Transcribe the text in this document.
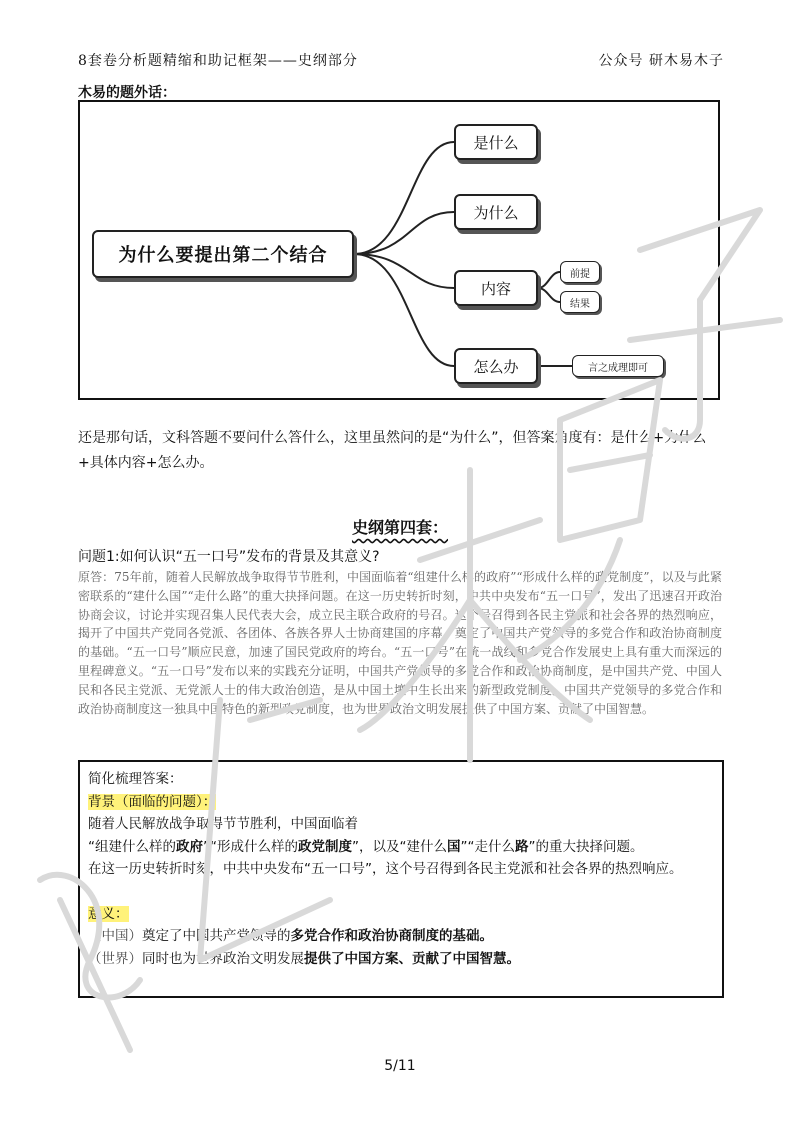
8套卷分析题精缩和助记框架——史纲部分	公众号 研木易木子
木易的题外话：
为什么要提出第二个结合
是什么
为什么
内容
怎么办
前提
结果
言之成理即可
还是那句话，文科答题不要问什么答什么，这里虽然问的是“为什么”，但答案角度有：是什么+为什么+具体内容+怎么办。
史纲第四套：
问题1:如何认识“五一口号”发布的背景及其意义?
原答：75年前，随着人民解放战争取得节节胜利，中国面临着“组建什么样的政府”“形成什么样的政党制度”，以及与此紧密联系的“建什么国”“走什么路”的重大抉择问题。在这一历史转折时刻，中共中央发布“五一口号”，发出了迅速召开政治协商会议，讨论并实现召集人民代表大会，成立民主联合政府的号召。这个号召得到各民主党派和社会各界的热烈响应，揭开了中国共产党同各党派、各团体、各族各界人士协商建国的序幕，奠定了中国共产党领导的多党合作和政治协商制度的基础。“五一口号”顺应民意，加速了国民党政府的垮台。“五一口号”在统一战线和多党合作发展史上具有重大而深远的里程碑意义。“五一口号”发布以来的实践充分证明，中国共产党领导的多党合作和政治协商制度，是中国共产党、中国人民和各民主党派、无党派人士的伟大政治创造，是从中国土壤中生长出来的新型政党制度。中国共产党领导的多党合作和政治协商制度这一独具中国特色的新型政党制度，也为世界政治文明发展提供了中国方案、贡献了中国智慧。

简化梳理答案：

背景（面临的问题）：

随着人民解放战争取得节节胜利，中国面临着

“组建什么样的政府”“形成什么样的政党制度”，以及“建什么国”“走什么路”的重大抉择问题。

在这一历史转折时刻，中共中央发布“五一口号”，这个号召得到各民主党派和社会各界的热烈响应。

意义：

（中国）奠定了中国共产党领导的多党合作和政治协商制度的基础。

（世界）同时也为世界政治文明发展提供了中国方案、贡献了中国智慧。

5/11
